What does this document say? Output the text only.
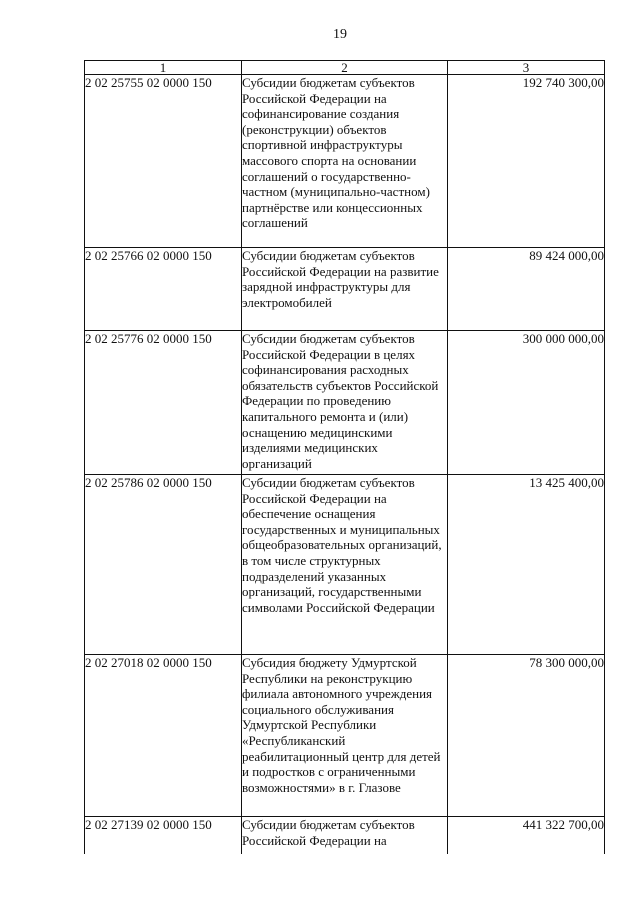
19
1	2	3
2 02 25755 02 0000 150	Субсидии бюджетам субъектов Российской Федерации на софинансирование создания (реконструкции) объектов спортивной инфраструктуры массового спорта на основании соглашений о государственно-частном (муниципально-частном) партнёрстве или концессионных соглашений	192 740 300,00
2 02 25766 02 0000 150	Субсидии бюджетам субъектов Российской Федерации на развитие зарядной инфраструктуры для электромобилей	89 424 000,00
2 02 25776 02 0000 150	Субсидии бюджетам субъектов Российской Федерации в целях софинансирования расходных обязательств субъектов Российской Федерации по проведению капитального ремонта и (или) оснащению медицинскими изделиями медицинских организаций	300 000 000,00
2 02 25786 02 0000 150	Субсидии бюджетам субъектов Российской Федерации на обеспечение оснащения государственных и муниципальных общеобразовательных организаций, в том числе структурных подразделений указанных организаций, государственными символами Российской Федерации	13 425 400,00
2 02 27018 02 0000 150	Субсидия бюджету Удмуртской Республики на реконструкцию филиала автономного учреждения социального обслуживания Удмуртской Республики «Республиканский реабилитационный центр для детей и подростков с ограниченными возможностями» в г. Глазове	78 300 000,00
2 02 27139 02 0000 150	Субсидии бюджетам субъектов Российской Федерации на	441 322 700,00
